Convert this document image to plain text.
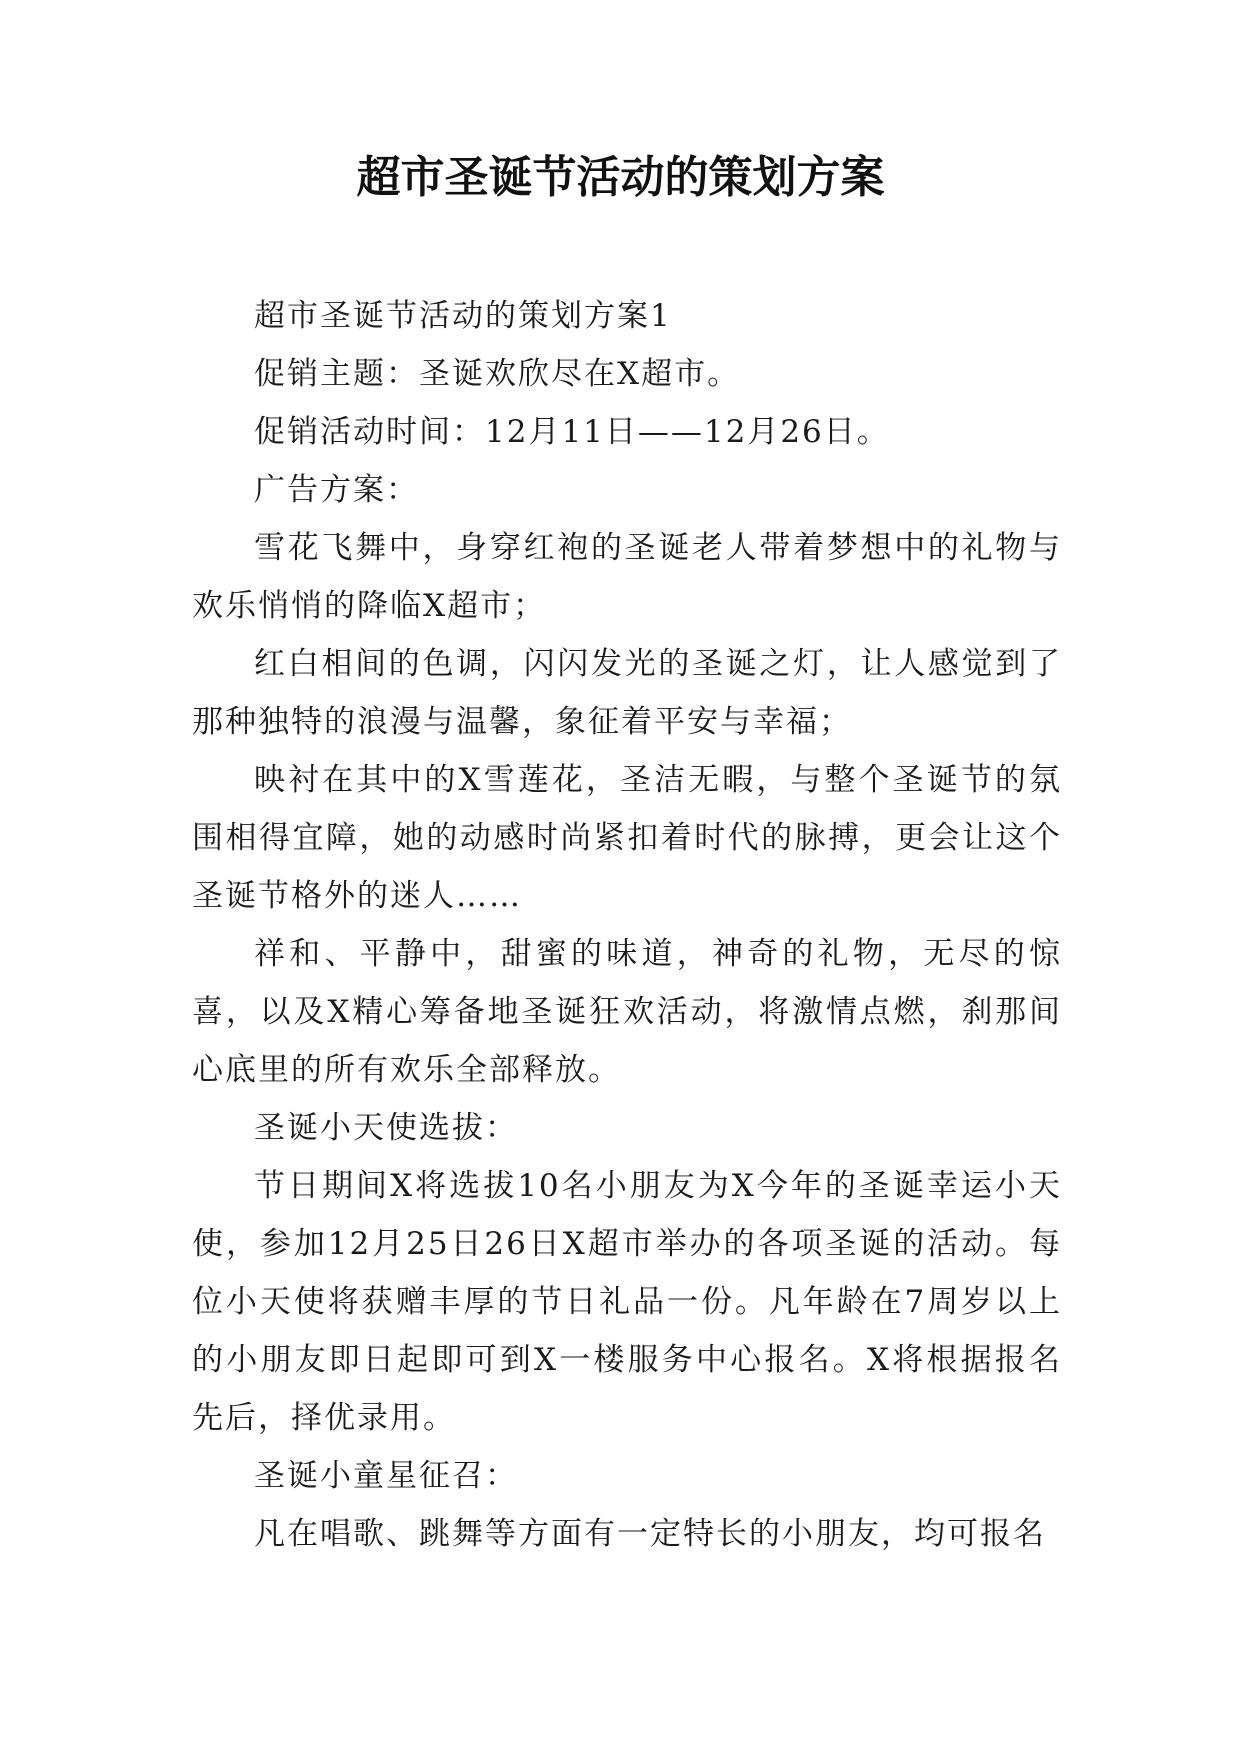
超市圣诞节活动的策划方案

超市圣诞节活动的策划方案1

促销主题：圣诞欢欣尽在X超市。

促销活动时间：12月11日——12月26日。

广告方案：

雪花飞舞中，身穿红袍的圣诞老人带着梦想中的礼物与欢乐悄悄的降临X超市；

红白相间的色调，闪闪发光的圣诞之灯，让人感觉到了那种独特的浪漫与温馨，象征着平安与幸福；

映衬在其中的X雪莲花，圣洁无暇，与整个圣诞节的氛围相得宜障，她的动感时尚紧扣着时代的脉搏，更会让这个圣诞节格外的迷人……

祥和、平静中，甜蜜的味道，神奇的礼物，无尽的惊喜，以及X精心筹备地圣诞狂欢活动，将激情点燃，刹那间心底里的所有欢乐全部释放。

圣诞小天使选拔：

节日期间X将选拔10名小朋友为X今年的圣诞幸运小天使，参加12月25日26日X超市举办的各项圣诞的活动。每位小天使将获赠丰厚的节日礼品一份。凡年龄在7周岁以上的小朋友即日起即可到X一楼服务中心报名。X将根据报名先后，择优录用。

圣诞小童星征召：

凡在唱歌、跳舞等方面有一定特长的小朋友，均可报名
